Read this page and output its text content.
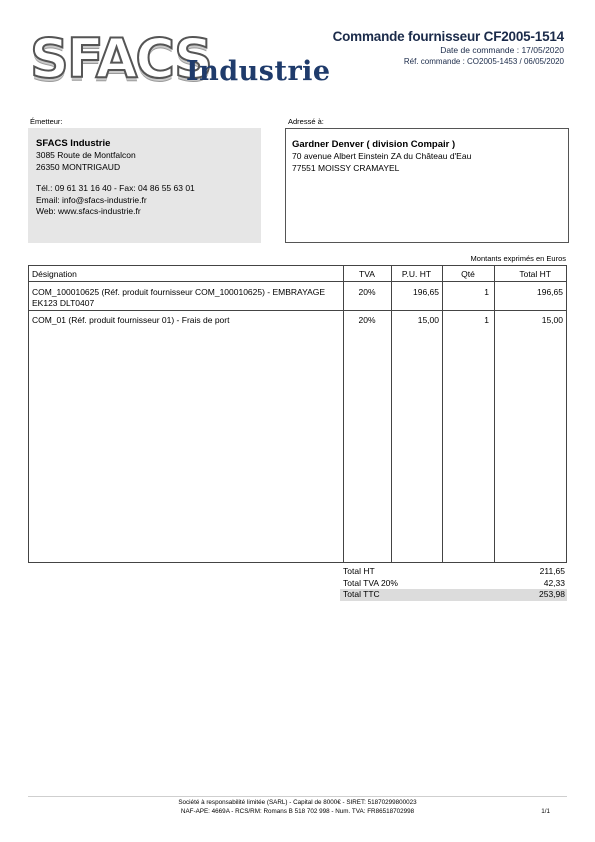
SFACS
Industrie
Commande fournisseur CF2005-1514
Date de commande : 17/05/2020
Réf. commande : CO2005-1453 / 06/05/2020
Émetteur:
SFACS Industrie
3085 Route de Montfalcon
26350 MONTRIGAUD
Tél.: 09 61 31 16 40 - Fax: 04 86 55 63 01
Email: info@sfacs-industrie.fr
Web: www.sfacs-industrie.fr
Adressé à:
Gardner Denver ( division Compair )
70 avenue Albert Einstein ZA du Château d'Eau
77551 MOISSY CRAMAYEL
Montants exprimés en Euros
Désignation	TVA	P.U. HT	Qté	Total HT
COM_100010625 (Réf. produit fournisseur COM_100010625) - EMBRAYAGE
EK123 DLT0407
20%	196,65	1	196,65
COM_01 (Réf. produit fournisseur 01) - Frais de port	20%	15,00	1	15,00
Total HT	211,65
Total TVA 20%	42,33
Total TTC	253,98
Société à responsabilité limitée (SARL) - Capital de 8000€ - SIRET: 51870299800023
NAF-APE: 4669A - RCS/RM: Romans B 518 702 998 - Num. TVA: FR86518702998	1/1
